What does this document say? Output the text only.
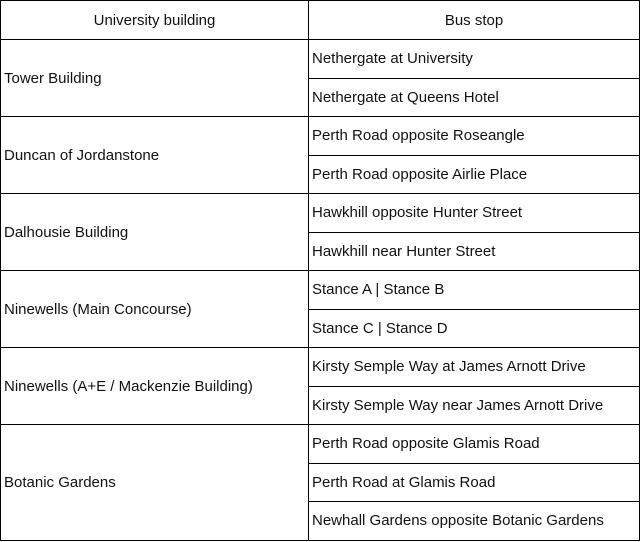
University building	Bus stop
Tower Building	Nethergate at University
	Nethergate at Queens Hotel
Duncan of Jordanstone	Perth Road opposite Roseangle
	Perth Road opposite Airlie Place
Dalhousie Building	Hawkhill opposite Hunter Street
	Hawkhill near Hunter Street
Ninewells (Main Concourse)	Stance A | Stance B
	Stance C | Stance D
Ninewells (A+E / Mackenzie Building)	Kirsty Semple Way at James Arnott Drive
	Kirsty Semple Way near James Arnott Drive
Botanic Gardens	Perth Road opposite Glamis Road
	Perth Road at Glamis Road
	Newhall Gardens opposite Botanic Gardens
